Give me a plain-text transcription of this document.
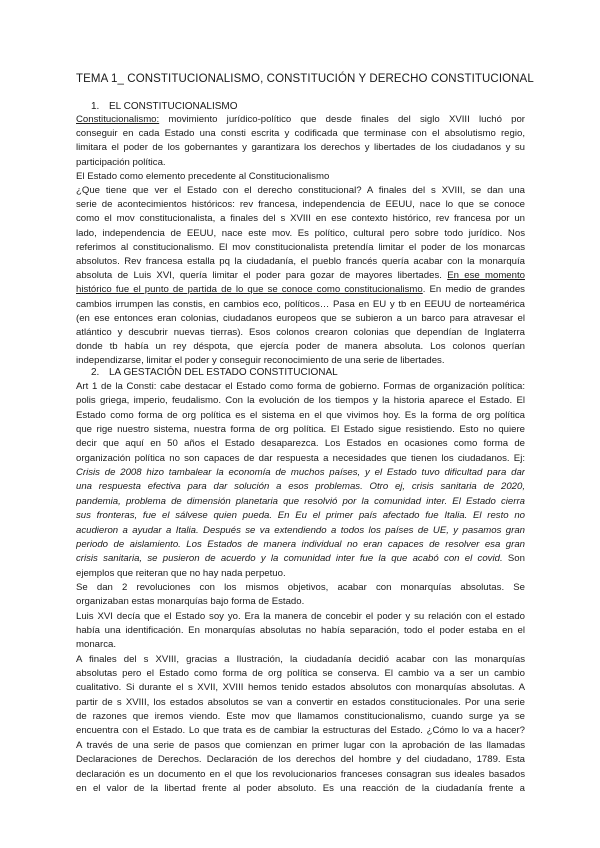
TEMA 1_ CONSTITUCIONALISMO, CONSTITUCIÓN Y DERECHO CONSTITUCIONAL
1. EL CONSTITUCIONALISMO
Constitucionalismo: movimiento jurídico-político que desde finales del siglo XVIII luchó por
conseguir en cada Estado una consti escrita y codificada que terminase con el absolutismo regio,
limitara el poder de los gobernantes y garantizara los derechos y libertades de los ciudadanos y su
participación política.
El Estado como elemento precedente al Constitucionalismo
¿Que tiene que ver el Estado con el derecho constitucional? A finales del s XVIII, se dan una
serie de acontecimientos históricos: rev francesa, independencia de EEUU, nace lo que se conoce
como el mov constitucionalista, a finales del s XVIII en ese contexto histórico, rev francesa por un
lado, independencia de EEUU, nace este mov. Es político, cultural pero sobre todo jurídico. Nos
referimos al constitucionalismo. El mov constitucionalista pretendía limitar el poder de los monarcas
absolutos. Rev francesa estalla pq la ciudadanía, el pueblo francés quería acabar con la monarquía
absoluta de Luis XVI, quería limitar el poder para gozar de mayores libertades. En ese momento
histórico fue el punto de partida de lo que se conoce como constitucionalismo. En medio de grandes
cambios irrumpen las constis, en cambios eco, políticos… Pasa en EU y tb en EEUU de norteamérica
(en ese entonces eran colonias, ciudadanos europeos que se subieron a un barco para atravesar el
atlántico y descubrir nuevas tierras). Esos colonos crearon colonias que dependían de Inglaterra
donde tb había un rey déspota, que ejercía poder de manera absoluta. Los colonos querían
independizarse, limitar el poder y conseguir reconocimiento de una serie de libertades.
2. LA GESTACIÓN DEL ESTADO CONSTITUCIONAL
Art 1 de la Consti: cabe destacar el Estado como forma de gobierno. Formas de organización política:
polis griega, imperio, feudalismo. Con la evolución de los tiempos y la historia aparece el Estado. El
Estado como forma de org política es el sistema en el que vivimos hoy. Es la forma de org política
que rige nuestro sistema, nuestra forma de org política. El Estado sigue resistiendo. Esto no quiere
decir que aquí en 50 años el Estado desaparezca. Los Estados en ocasiones como forma de
organización política no son capaces de dar respuesta a necesidades que tienen los ciudadanos. Ej:
Crisis de 2008 hizo tambalear la economía de muchos países, y el Estado tuvo dificultad para dar
una respuesta efectiva para dar solución a esos problemas. Otro ej, crisis sanitaria de 2020,
pandemia, problema de dimensión planetaria que resolvió por la comunidad inter. El Estado cierra
sus fronteras, fue el sálvese quien pueda. En Eu el primer país afectado fue Italia. El resto no
acudieron a ayudar a Italia. Después se va extendiendo a todos los países de UE, y pasamos gran
periodo de aislamiento. Los Estados de manera individual no eran capaces de resolver esa gran
crisis sanitaria, se pusieron de acuerdo y la comunidad inter fue la que acabó con el covid. Son
ejemplos que reiteran que no hay nada perpetuo.
Se dan 2 revoluciones con los mismos objetivos, acabar con monarquías absolutas. Se
organizaban estas monarquías bajo forma de Estado.
Luis XVI decía que el Estado soy yo. Era la manera de concebir el poder y su relación con el estado
había una identificación. En monarquías absolutas no había separación, todo el poder estaba en el
monarca.
A finales del s XVIII, gracias a Ilustración, la ciudadanía decidió acabar con las monarquías
absolutas pero el Estado como forma de org política se conserva. El cambio va a ser un cambio
cualitativo. Si durante el s XVII, XVIII hemos tenido estados absolutos con monarquías absolutas. A
partir de s XVIII, los estados absolutos se van a convertir en estados constitucionales. Por una serie
de razones que iremos viendo. Este mov que llamamos constitucionalismo, cuando surge ya se
encuentra con el Estado. Lo que trata es de cambiar la estructuras del Estado. ¿Cómo lo va a hacer?
A través de una serie de pasos que comienzan en primer lugar con la aprobación de las llamadas
Declaraciones de Derechos. Declaración de los derechos del hombre y del ciudadano, 1789. Esta
declaración es un documento en el que los revolucionarios franceses consagran sus ideales basados
en el valor de la libertad frente al poder absoluto. Es una reacción de la ciudadanía frente a
